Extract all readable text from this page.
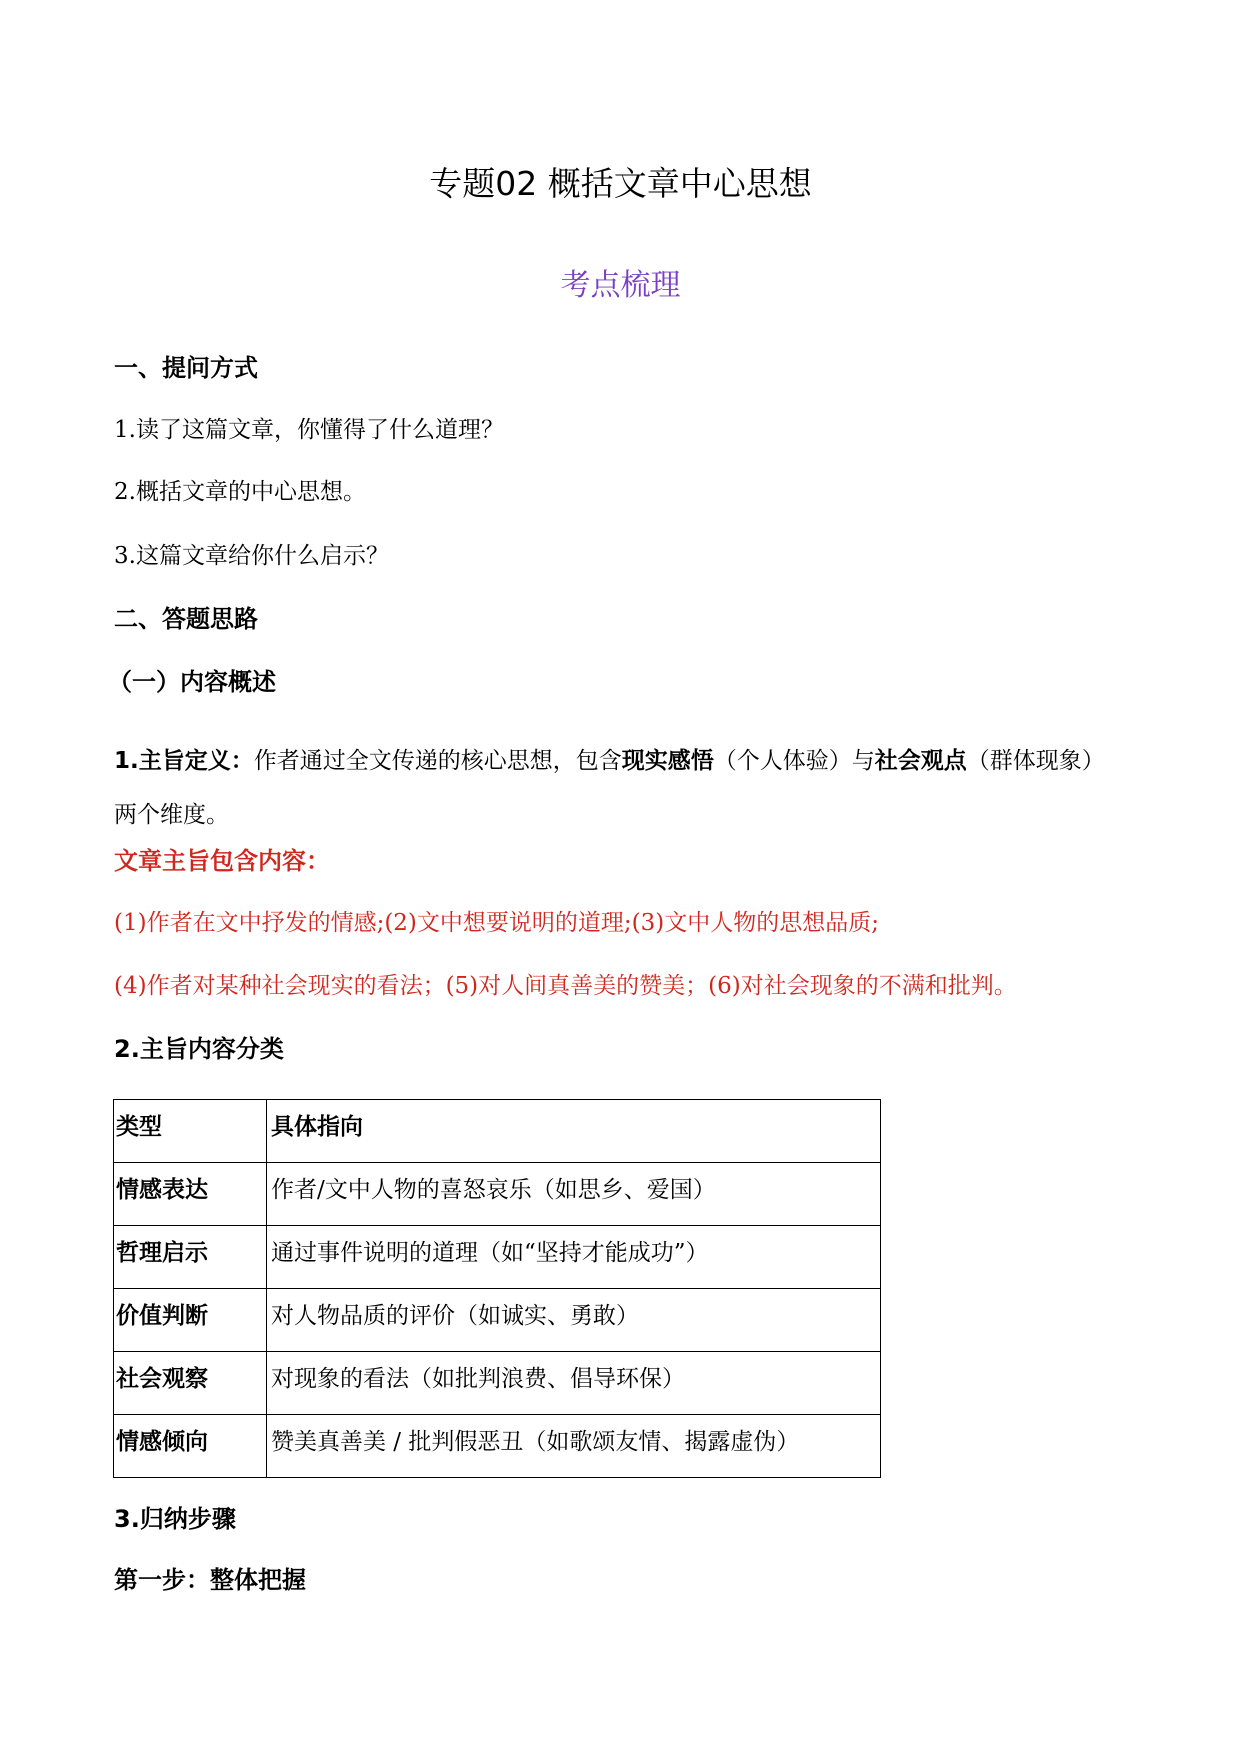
专题02 概括文章中心思想
考点梳理
一、提问方式
1.读了这篇文章，你懂得了什么道理？
2.概括文章的中心思想。
3.这篇文章给你什么启示？
二、答题思路
（一）内容概述
1.主旨定义：作者通过全文传递的核心思想，包含现实感悟（个人体验）与社会观点（群体现象）两个维度。
文章主旨包含内容：
(1)作者在文中抒发的情感;(2)文中想要说明的道理;(3)文中人物的思想品质;
(4)作者对某种社会现实的看法；(5)对人间真善美的赞美；(6)对社会现象的不满和批判。
2.主旨内容分类
类型	具体指向
情感表达	作者/文中人物的喜怒哀乐（如思乡、爱国）
哲理启示	通过事件说明的道理（如“坚持才能成功”）
价值判断	对人物品质的评价（如诚实、勇敢）
社会观察	对现象的看法（如批判浪费、倡导环保）
情感倾向	赞美真善美 / 批判假恶丑（如歌颂友情、揭露虚伪）
3.归纳步骤
第一步：整体把握
